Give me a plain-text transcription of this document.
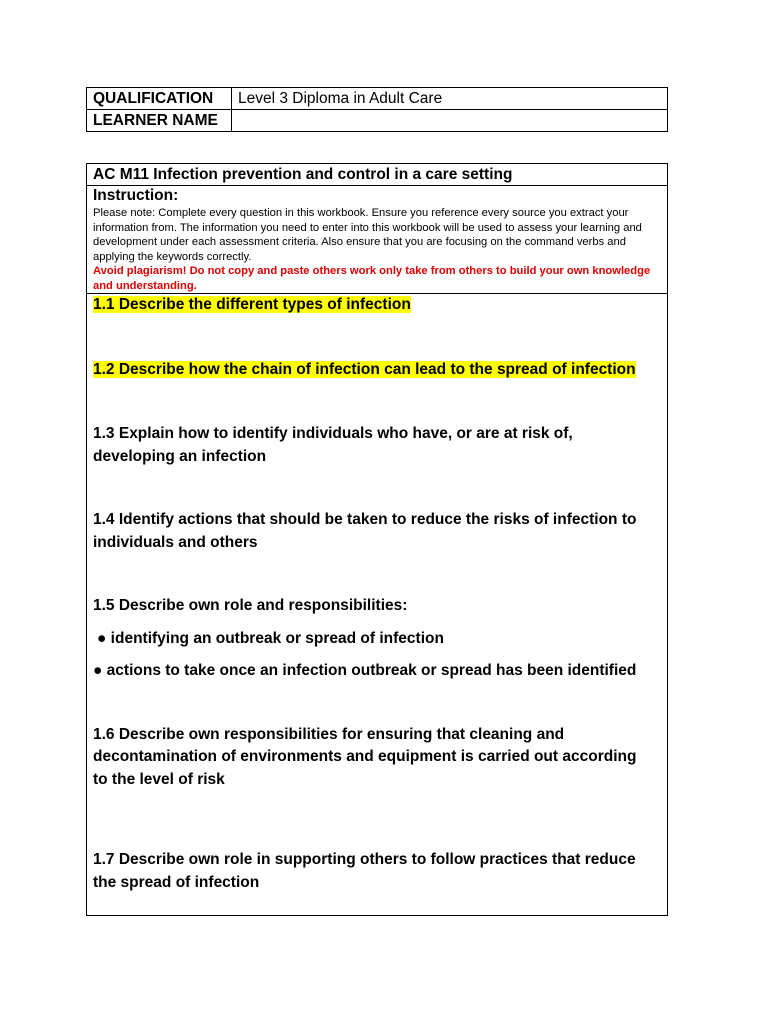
QUALIFICATION	Level 3 Diploma in Adult Care
LEARNER NAME	
AC M11 Infection prevention and control in a care setting

Instruction:

Please note: Complete every question in this workbook. Ensure you reference every source you extract your information from. The information you need to enter into this workbook will be used to assess your learning and development under each assessment criteria. Also ensure that you are focusing on the command verbs and applying the keywords correctly.

Avoid plagiarism! Do not copy and paste others work only take from others to build your own knowledge and understanding.

1.1 Describe the different types of infection

1.2 Describe how the chain of infection can lead to the spread of infection

1.3 Explain how to identify individuals who have, or are at risk of, developing an infection

1.4 Identify actions that should be taken to reduce the risks of infection to individuals and others

1.5 Describe own role and responsibilities:

● identifying an outbreak or spread of infection

● actions to take once an infection outbreak or spread has been identified

1.6 Describe own responsibilities for ensuring that cleaning and decontamination of environments and equipment is carried out according to the level of risk

1.7 Describe own role in supporting others to follow practices that reduce the spread of infection
